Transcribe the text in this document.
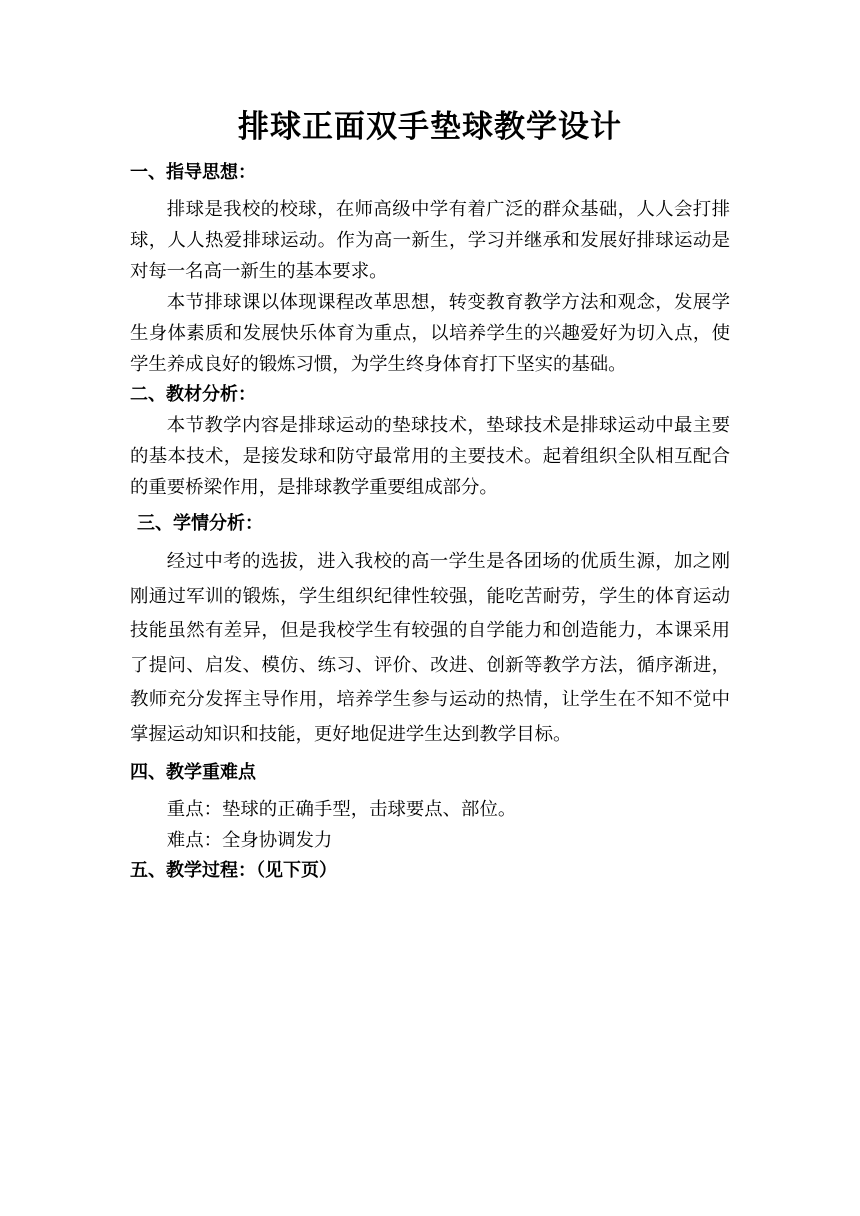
排球正面双手垫球教学设计
一、指导思想：

排球是我校的校球，在师高级中学有着广泛的群众基础，人人会打排球，人人热爱排球运动。作为高一新生，学习并继承和发展好排球运动是对每一名高一新生的基本要求。

本节排球课以体现课程改革思想，转变教育教学方法和观念，发展学生身体素质和发展快乐体育为重点，以培养学生的兴趣爱好为切入点，使学生养成良好的锻炼习惯，为学生终身体育打下坚实的基础。

二、教材分析：

本节教学内容是排球运动的垫球技术，垫球技术是排球运动中最主要的基本技术，是接发球和防守最常用的主要技术。起着组织全队相互配合的重要桥梁作用，是排球教学重要组成部分。

三、学情分析：

经过中考的选拔，进入我校的高一学生是各团场的优质生源，加之刚刚通过军训的锻炼，学生组织纪律性较强，能吃苦耐劳，学生的体育运动技能虽然有差异，但是我校学生有较强的自学能力和创造能力，本课采用了提问、启发、模仿、练习、评价、改进、创新等教学方法，循序渐进，教师充分发挥主导作用，培养学生参与运动的热情，让学生在不知不觉中掌握运动知识和技能，更好地促进学生达到教学目标。

四、教学重难点

重点：垫球的正确手型，击球要点、部位。

难点：全身协调发力

五、教学过程：（见下页）
